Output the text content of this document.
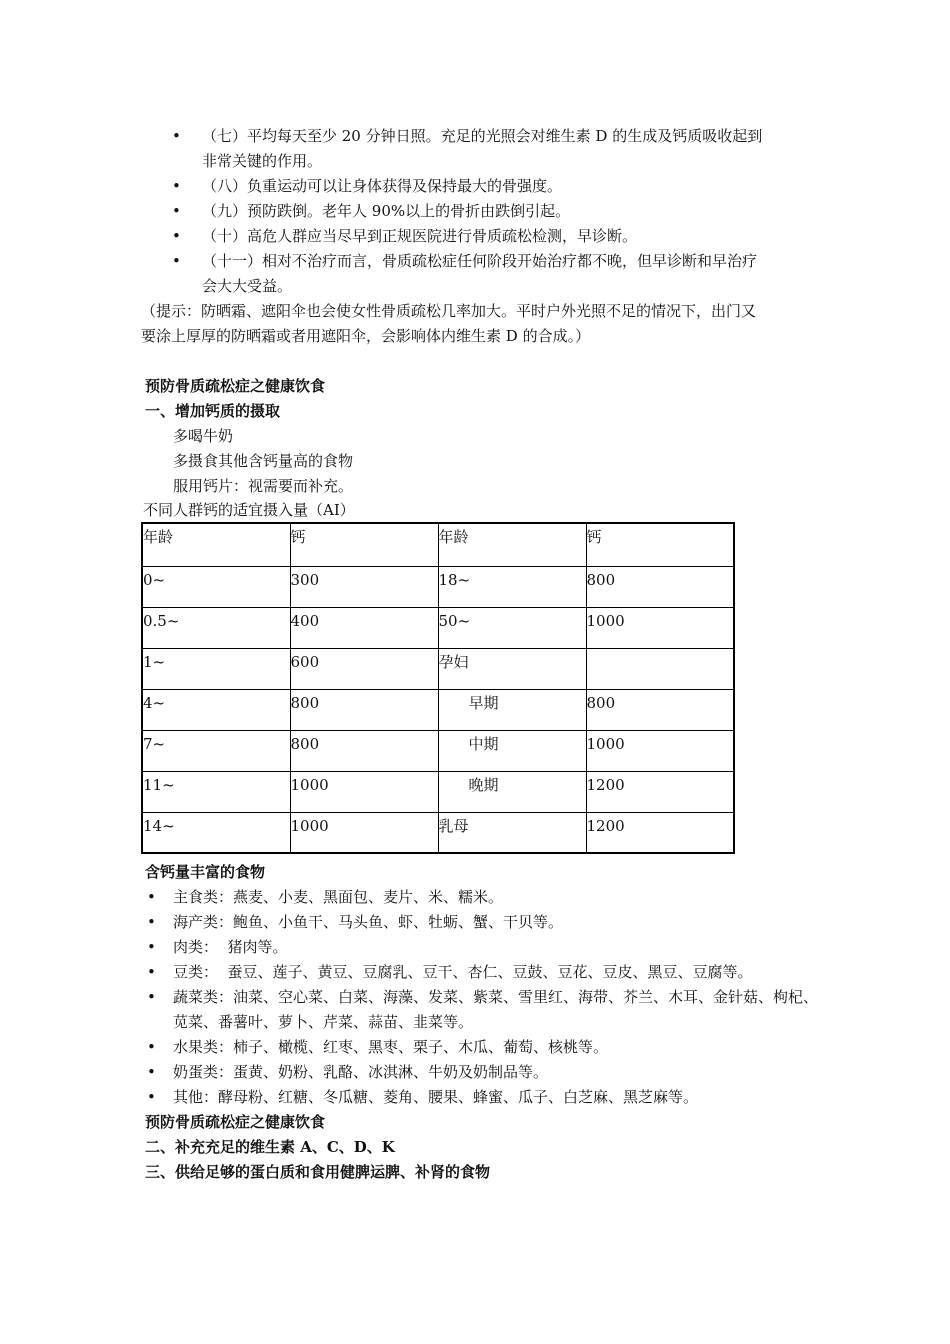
• （七）平均每天至少 20 分钟日照。充足的光照会对维生素 D 的生成及钙质吸收起到
非常关键的作用。
• （八）负重运动可以让身体获得及保持最大的骨强度。
• （九）预防跌倒。老年人 90%以上的骨折由跌倒引起。
• （十）高危人群应当尽早到正规医院进行骨质疏松检测，早诊断。
• （十一）相对不治疗而言，骨质疏松症任何阶段开始治疗都不晚，但早诊断和早治疗
会大大受益。
（提示：防晒霜、遮阳伞也会使女性骨质疏松几率加大。平时户外光照不足的情况下，出门又
要涂上厚厚的防晒霜或者用遮阳伞，会影响体内维生素 D 的合成。）
预防骨质疏松症之健康饮食
一、增加钙质的摄取
多喝牛奶
多摄食其他含钙量高的食物
服用钙片：视需要而补充。
不同人群钙的适宜摄入量（AI）
年龄	钙	年龄	钙
0~	300	18~	800
0.5~	400	50~	1000
1~	600	孕妇	
4~	800	早期	800
7~	800	中期	1000
11~	1000	晚期	1200
14~	1000	乳母	1200
含钙量丰富的食物
• 主食类：燕麦、小麦、黑面包、麦片、米、糯米。
• 海产类：鲍鱼、小鱼干、马头鱼、虾、牡蛎、蟹、干贝等。
• 肉类：  猪肉等。
• 豆类：  蚕豆、莲子、黄豆、豆腐乳、豆干、杏仁、豆鼓、豆花、豆皮、黑豆、豆腐等。
• 蔬菜类：油菜、空心菜、白菜、海藻、发菜、紫菜、雪里红、海带、芥兰、木耳、金针菇、枸杞、
苋菜、番薯叶、萝卜、芹菜、蒜苗、韭菜等。
• 水果类：柿子、橄榄、红枣、黑枣、栗子、木瓜、葡萄、核桃等。
• 奶蛋类：蛋黄、奶粉、乳酪、冰淇淋、牛奶及奶制品等。
• 其他：酵母粉、红糖、冬瓜糖、菱角、腰果、蜂蜜、瓜子、白芝麻、黑芝麻等。
预防骨质疏松症之健康饮食
二、补充充足的维生素 A、C、D、K
三、供给足够的蛋白质和食用健脾运脾、补肾的食物
